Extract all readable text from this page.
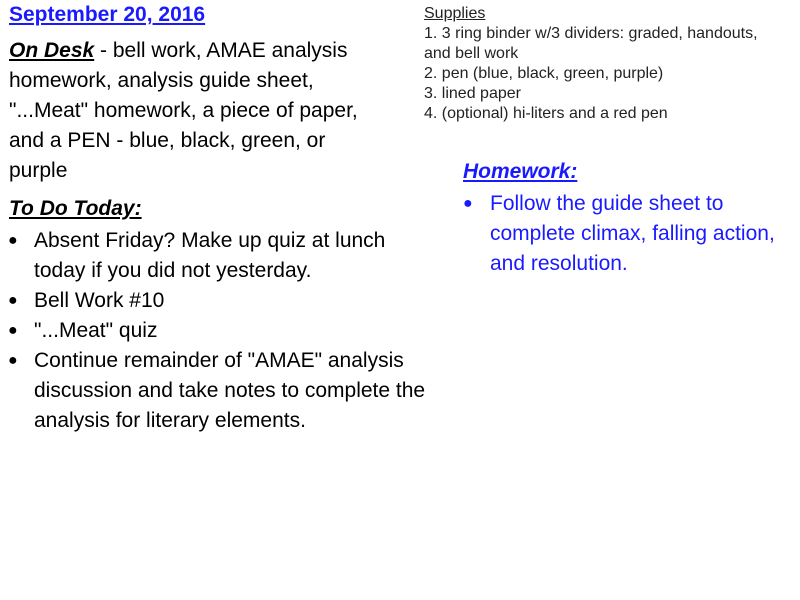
September 20, 2016

On Desk - bell work, AMAE analysis homework, analysis guide sheet, "...Meat" homework, a piece of paper, and a PEN - blue, black, green, or purple

To Do Today:
● Absent Friday? Make up quiz at lunch today if you did not yesterday.
● Bell Work #10
● "...Meat" quiz
● Continue remainder of "AMAE" analysis discussion and take notes to complete the analysis for literary elements.
Supplies
1. 3 ring binder w/3 dividers: graded, handouts, and bell work
2. pen (blue, black, green, purple)
3. lined paper
4. (optional) hi-liters and a red pen
Homework:
● Follow the guide sheet to complete climax, falling action, and resolution.
